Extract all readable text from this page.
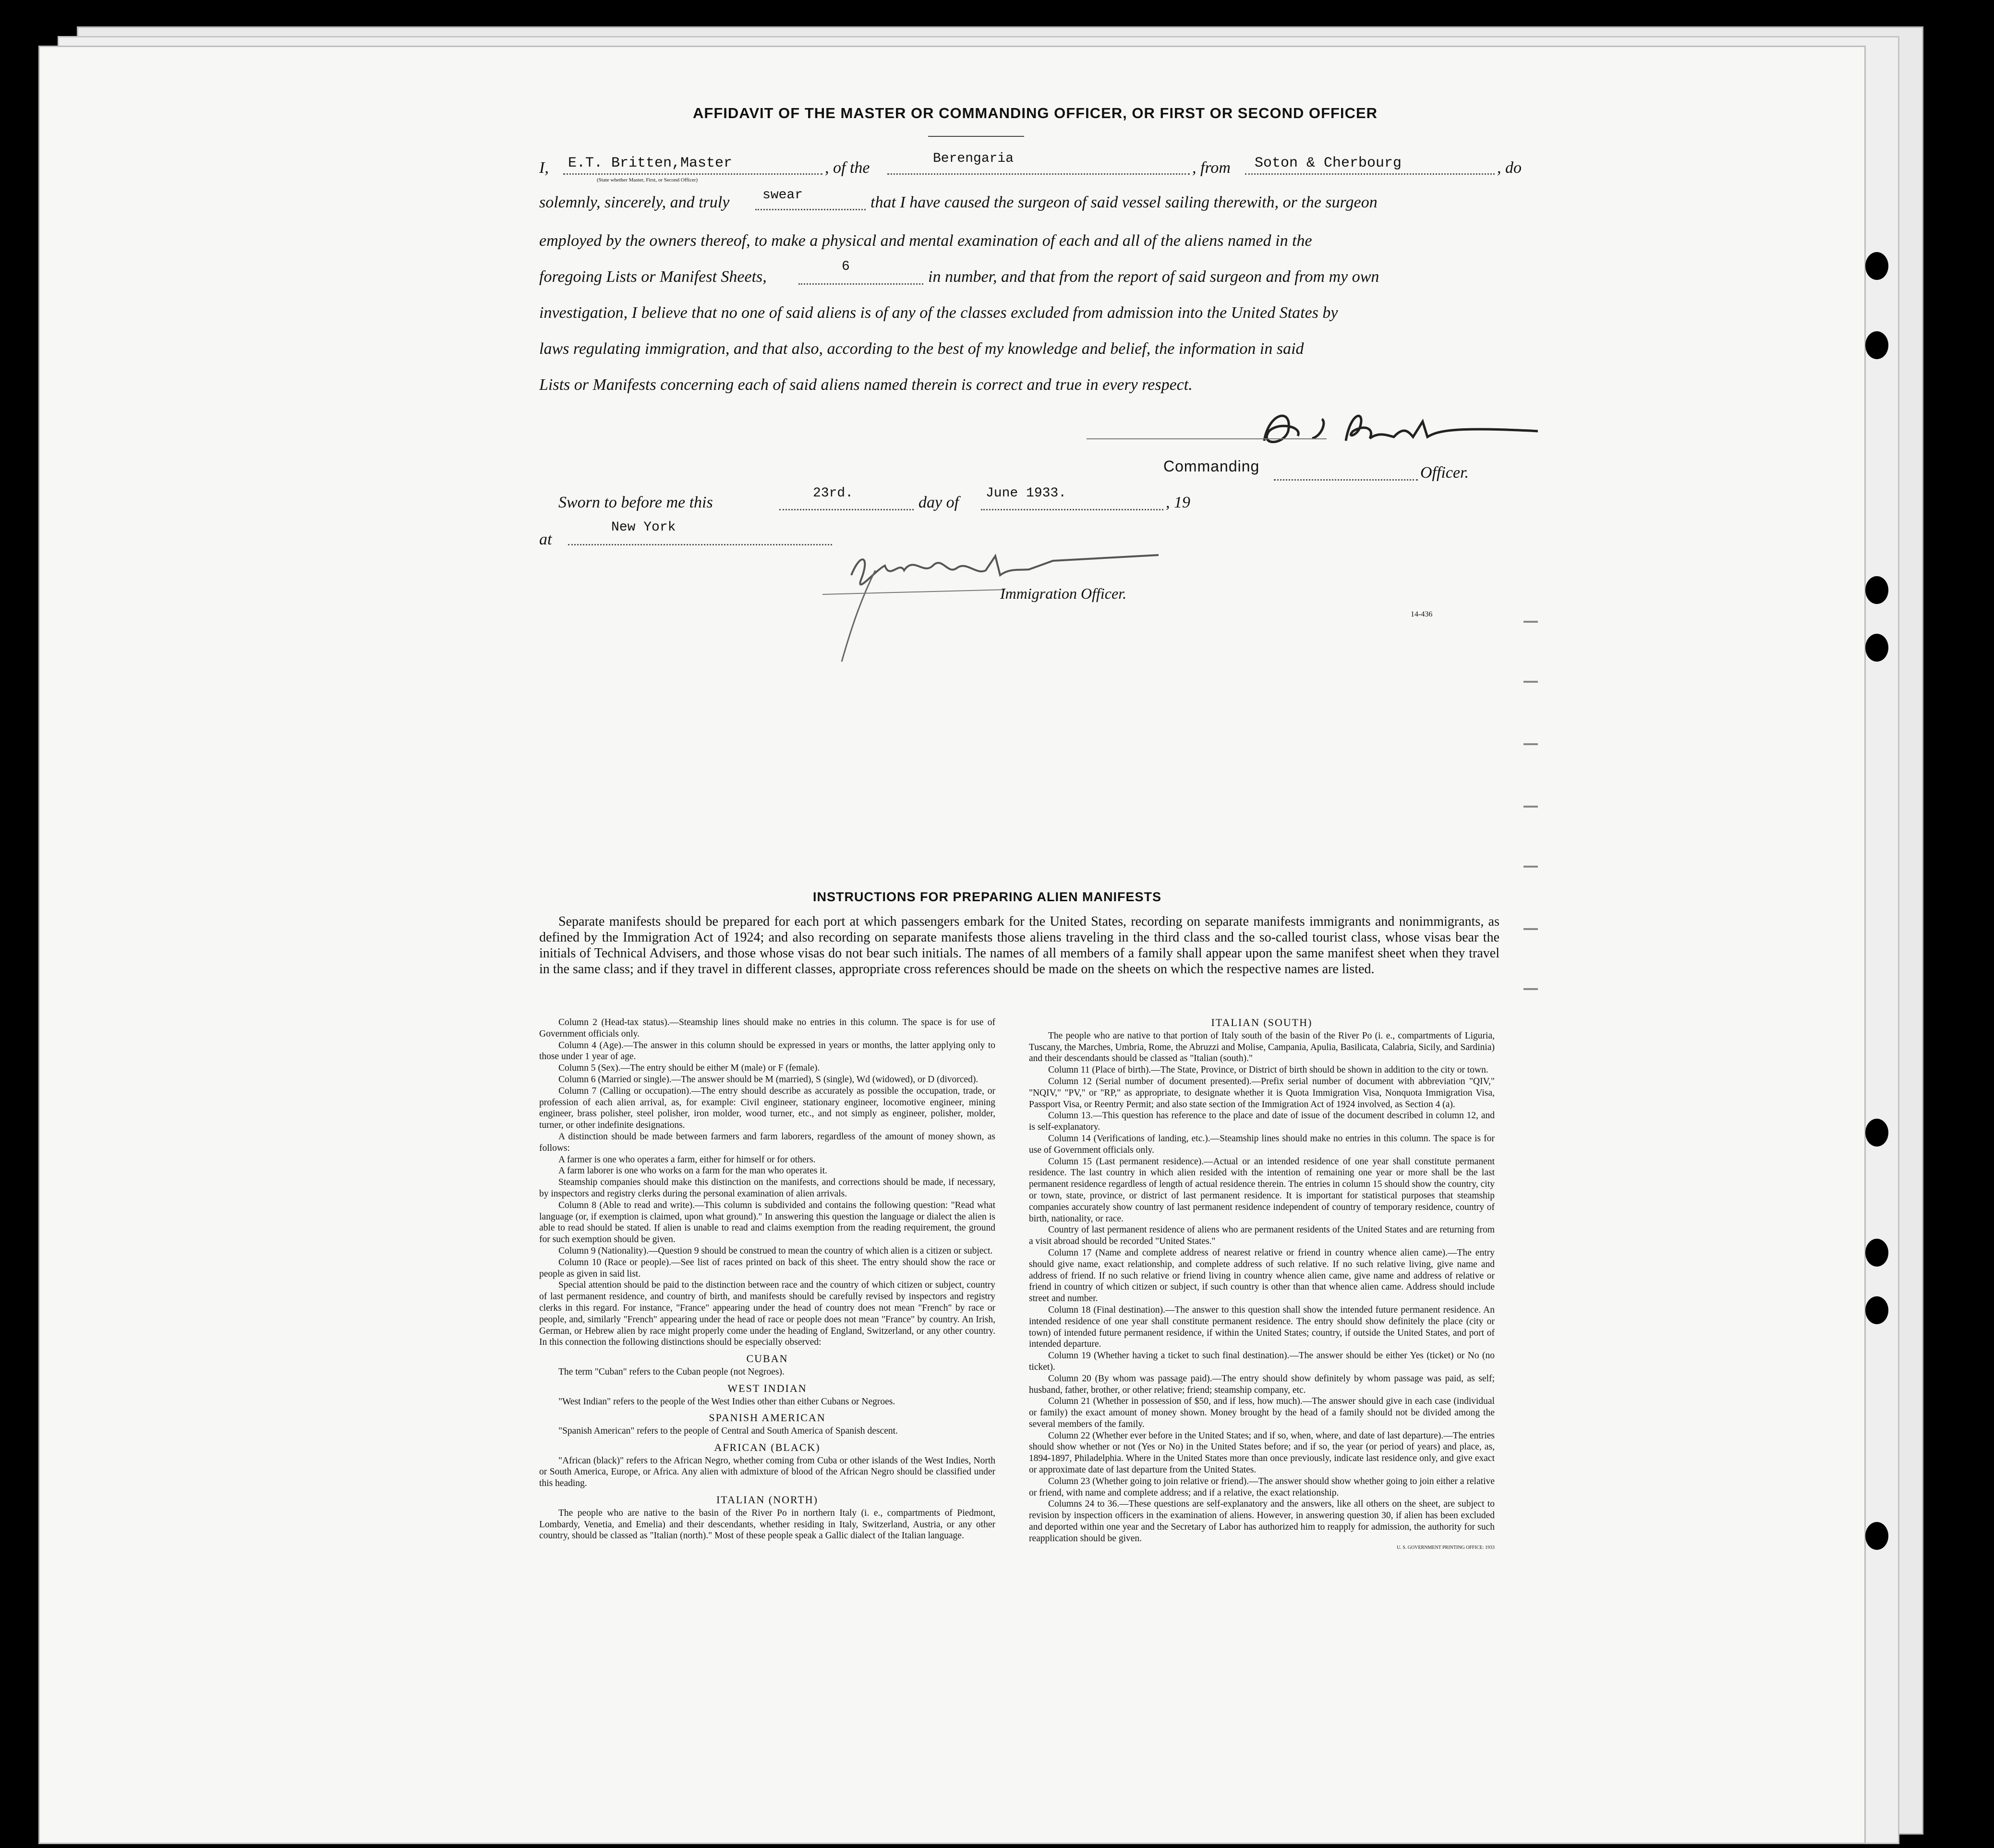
AFFIDAVIT OF THE MASTER OR COMMANDING OFFICER, OR FIRST OR SECOND OFFICER
I, E.T. Britten,Master
(State whether Master, First, or Second Officer)
, of the
Berengaria
, from Soton & Cherbourg	, do
solemnly, sincerely, and truly swear	that I have caused the surgeon of said vessel sailing therewith, or the surgeon
employed by the owners thereof, to make a physical and mental examination of each and all of the aliens named in the
foregoing Lists or Manifest Sheets,
6
in number, and that from the report of said surgeon and from my own
investigation, I believe that no one of said aliens is of any of the classes excluded from admission into the United States by
laws regulating immigration, and that also, according to the best of my knowledge and belief, the information in said
Lists or Manifests concerning each of said aliens named therein is correct and true in every respect.
Commanding	Officer.
Sworn to before me this
23rd.
day of
June 1933.
, 19
at
New York
Immigration Officer.
14-436
INSTRUCTIONS FOR PREPARING ALIEN MANIFESTS

Separate manifests should be prepared for each port at which passengers embark for the United States, recording on separate manifests immigrants and nonimmigrants, as defined by the Immigration Act of 1924; and also recording on separate manifests those aliens traveling in the third class and the so-called tourist class, whose visas bear the initials of Technical Advisers, and those whose visas do not bear such initials. The names of all members of a family shall appear upon the same manifest sheet when they travel in the same class; and if they travel in different classes, appropriate cross references should be made on the sheets on which the respective names are listed.

Column 2 (Head-tax status).—Steamship lines should make no entries in this column. The space is for use of Government officials only.

Column 4 (Age).—The answer in this column should be expressed in years or months, the latter applying only to those under 1 year of age.

Column 5 (Sex).—The entry should be either M (male) or F (female).

Column 6 (Married or single).—The answer should be M (married), S (single), Wd (widowed), or D (divorced).

Column 7 (Calling or occupation).—The entry should describe as accurately as possible the occupation, trade, or profession of each alien arrival, as, for example: Civil engineer, stationary engineer, locomotive engineer, mining engineer, brass polisher, steel polisher, iron molder, wood turner, etc., and not simply as engineer, polisher, molder, turner, or other indefinite designations.

A distinction should be made between farmers and farm laborers, regardless of the amount of money shown, as follows:

A farmer is one who operates a farm, either for himself or for others.

A farm laborer is one who works on a farm for the man who operates it.

Steamship companies should make this distinction on the manifests, and corrections should be made, if necessary, by inspectors and registry clerks during the personal examination of alien arrivals.

Column 8 (Able to read and write).—This column is subdivided and contains the following question: "Read what language (or, if exemption is claimed, upon what ground)." In answering this question the language or dialect the alien is able to read should be stated. If alien is unable to read and claims exemption from the reading requirement, the ground for such exemption should be given.

Column 9 (Nationality).—Question 9 should be construed to mean the country of which alien is a citizen or subject.

Column 10 (Race or people).—See list of races printed on back of this sheet. The entry should show the race or people as given in said list.

Special attention should be paid to the distinction between race and the country of which citizen or subject, country of last permanent residence, and country of birth, and manifests should be carefully revised by inspectors and registry clerks in this regard. For instance, "France" appearing under the head of country does not mean "French" by race or people, and, similarly "French" appearing under the head of race or people does not mean "France" by country. An Irish, German, or Hebrew alien by race might properly come under the heading of England, Switzerland, or any other country. In this connection the following distinctions should be especially observed:

CUBAN

The term "Cuban" refers to the Cuban people (not Negroes).

WEST INDIAN

"West Indian" refers to the people of the West Indies other than either Cubans or Negroes.

SPANISH AMERICAN

"Spanish American" refers to the people of Central and South America of Spanish descent.

AFRICAN (BLACK)

"African (black)" refers to the African Negro, whether coming from Cuba or other islands of the West Indies, North or South America, Europe, or Africa. Any alien with admixture of blood of the African Negro should be classified under this heading.

ITALIAN (NORTH)

The people who are native to the basin of the River Po in northern Italy (i. e., compartments of Piedmont, Lombardy, Venetia, and Emelia) and their descendants, whether residing in Italy, Switzerland, Austria, or any other country, should be classed as "Italian (north)." Most of these people speak a Gallic dialect of the Italian language.

ITALIAN (SOUTH)

The people who are native to that portion of Italy south of the basin of the River Po (i. e., compartments of Liguria, Tuscany, the Marches, Umbria, Rome, the Abruzzi and Molise, Campania, Apulia, Basilicata, Calabria, Sicily, and Sardinia) and their descendants should be classed as "Italian (south)."

Column 11 (Place of birth).—The State, Province, or District of birth should be shown in addition to the city or town.

Column 12 (Serial number of document presented).—Prefix serial number of document with abbreviation "QIV," "NQIV," "PV," or "RP," as appropriate, to designate whether it is Quota Immigration Visa, Nonquota Immigration Visa, Passport Visa, or Reentry Permit; and also state section of the Immigration Act of 1924 involved, as Section 4 (a).

Column 13.—This question has reference to the place and date of issue of the document described in column 12, and is self-explanatory.

Column 14 (Verifications of landing, etc.).—Steamship lines should make no entries in this column. The space is for use of Government officials only.

Column 15 (Last permanent residence).—Actual or an intended residence of one year shall constitute permanent residence. The last country in which alien resided with the intention of remaining one year or more shall be the last permanent residence regardless of length of actual residence therein. The entries in column 15 should show the country, city or town, state, province, or district of last permanent residence. It is important for statistical purposes that steamship companies accurately show country of last permanent residence independent of country of temporary residence, country of birth, nationality, or race.

Country of last permanent residence of aliens who are permanent residents of the United States and are returning from a visit abroad should be recorded "United States."

Column 17 (Name and complete address of nearest relative or friend in country whence alien came).—The entry should give name, exact relationship, and complete address of such relative. If no such relative living, give name and address of friend. If no such relative or friend living in country whence alien came, give name and address of relative or friend in country of which citizen or subject, if such country is other than that whence alien came. Address should include street and number.

Column 18 (Final destination).—The answer to this question shall show the intended future permanent residence. An intended residence of one year shall constitute permanent residence. The entry should show definitely the place (city or town) of intended future permanent residence, if within the United States; country, if outside the United States, and port of intended departure.

Column 19 (Whether having a ticket to such final destination).—The answer should be either Yes (ticket) or No (no ticket).

Column 20 (By whom was passage paid).—The entry should show definitely by whom passage was paid, as self; husband, father, brother, or other relative; friend; steamship company, etc.

Column 21 (Whether in possession of $50, and if less, how much).—The answer should give in each case (individual or family) the exact amount of money shown. Money brought by the head of a family should not be divided among the several members of the family.

Column 22 (Whether ever before in the United States; and if so, when, where, and date of last departure).—The entries should show whether or not (Yes or No) in the United States before; and if so, the year (or period of years) and place, as, 1894-1897, Philadelphia. Where in the United States more than once previously, indicate last residence only, and give exact or approximate date of last departure from the United States.

Column 23 (Whether going to join relative or friend).—The answer should show whether going to join either a relative or friend, with name and complete address; and if a relative, the exact relationship.

Columns 24 to 36.—These questions are self-explanatory and the answers, like all others on the sheet, are subject to revision by inspection officers in the examination of aliens. However, in answering question 30, if alien has been excluded and deported within one year and the Secretary of Labor has authorized him to reapply for admission, the authority for such reapplication should be given.

U. S. GOVERNMENT PRINTING OFFICE: 1933
